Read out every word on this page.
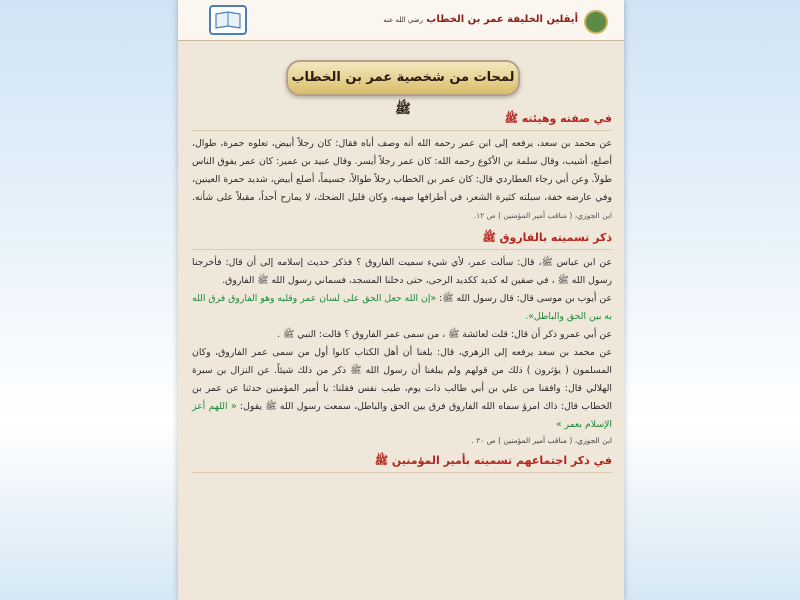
أيقلين الخليفة عمر بن الخطاب رضي الله عنه
لمحات من شخصية عمر بن الخطاب ﷺ
في صفته وهيئته ﷺ

عن محمد بن سعد، يرفعه إلى ابن عمر رحمه الله أنه وصف أباه فقال: كان رجلاً أبيض، تعلوه حمرة، طوال، أصلع، أشيب، وقال سلمة بن الأكوع رحمه الله: كان عمر رجلاً أيسر. وقال عبيد بن عمير: كان عمر يفوق الناس طولاً. وعن أبي رجاء العطاردي قال: كان عمر بن الخطاب رجلاً طوالاً، جسيماً، أصلع أبيض، شديد حمرة العينين، وفي عارضه خفة، سبلته كثيرة الشعر، في أطرافها صهبه، وكان قليل الضحك، لا يمازح أحداً، مقبلاً على شأنه. ابن الجوزي، ( مناقب أمير المؤمنين ) ص ١٢.

ذكر تسميته بالفاروق ﷺ

عن ابن عباس ﷺ، قال: سألت عمر، لأي شيء سميت الفاروق ؟ فذكر حديث إسلامه إلى أن قال: فأخرجنا رسول الله ﷺ ، في صفين له كديد ككديد الرحى، حتى دخلنا المسجد، فسماني رسول الله ﷺ الفاروق.

عن أيوب بن موسى قال: قال رسول الله ﷺ: «إن الله جعل الحق على لسان عمر وقلبه وهو الفاروق فرق الله به بين الحق والباطل».

عن أبي عمرو ذكر أن قال: قلت لعائشة ﷺ ، من سمى عمر الفاروق ؟ قالت: النبي ﷺ .

عن محمد بن سعد يرفعه إلى الزهري، قال: بلغنا أن أهل الكتاب كانوا أول من سمى عمر الفاروق، وكان المسلمون ( يؤثرون ) ذلك من قولهم ولم يبلغنا أن رسول الله ﷺ ذكر من ذلك شيئاً. عن النزال بن سبرة الهلالي قال: وافقنا من علي بن أبي طالب ذات يوم، طيب نفس فقلنا: يا أمير المؤمنين حدثنا عن عمر بن الخطاب قال: ذاك امرؤ سماه الله الفاروق فرق بين الحق والباطل، سمعت رسول الله ﷺ يقول: « اللهم أعز الإسلام بعمر »

ابن الجوزي، ( مناقب أمير المؤمنين ) ص ٢٠ .

في ذكر اجتماعهم تسميته بأمير المؤمنين ﷺ
